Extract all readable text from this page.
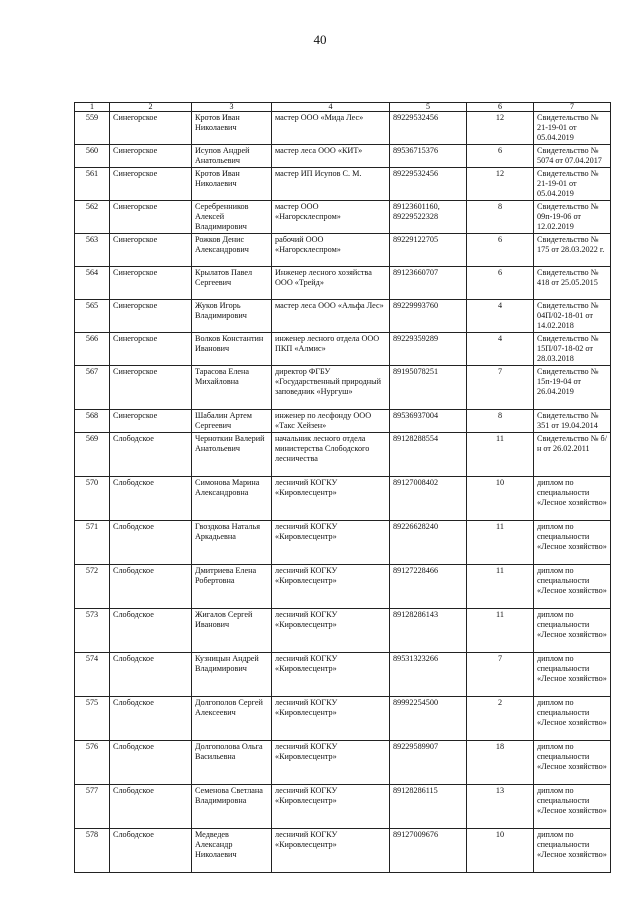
40
1	2	3	4	5	6	7
559	Синегорское	Кротов Иван Николаевич	мастер ООО «Мида Лес»	89229532456	12	Свидетельство № 21-19-01 от 05.04.2019
560	Синегорское	Исупов Андрей Анатольевич	мастер леса ООО «КИТ»	89536715376	6	Свидетельство № 5074 от 07.04.2017
561	Синегорское	Кротов Иван Николаевич	мастер ИП Исупов С. М.	89229532456	12	Свидетельство № 21-19-01 от 05.04.2019
562	Синегорское	Серебренников Алексей Владимирович	мастер ООО «Нагорсклеспром»	89123601160, 89229522328	8	Свидетельство № 09п-19-06 от 12.02.2019
563	Синегорское	Рожков Денис Александрович	рабочий ООО «Нагорсклеспром»	89229122705	6	Свидетельство № 175 от 28.03.2022 г.
564	Синегорское	Крылатов Павел Сергеевич	Инженер лесного хозяйства ООО «Трейд»	89123660707	6	Свидетельство № 418 от 25.05.2015
565	Синегорское	Жуков Игорь Владимирович	мастер леса ООО «Альфа Лес»	89229993760	4	Свидетельство № 04П/02-18-01 от 14.02.2018
566	Синегорское	Волков Константин Иванович	инженер лесного отдела ООО ПКП «Алмис»	89229359289	4	Свидетельство № 15П/07-18-02 от 28.03.2018
567	Синегорское	Тарасова Елена Михайловна	директор ФГБУ «Государственный природный заповедник «Нургуш»	89195078251	7	Свидетельство № 15п-19-04 от 26.04.2019
568	Синегорское	Шабалин Артем Сергеевич	инженер по лесфонду ООО «Такс Хейзен»	89536937004	8	Свидетельство № 351 от 19.04.2014
569	Слободское	Черноткин Валерий Анатольевич	начальник лесного отдела министерства Слободского лесничества	89128288554	11	Свидетельство № б/н от 26.02.2011
570	Слободское	Симонова Марина Александровна	лесничий КОГКУ «Кировлесцентр»	89127008402	10	диплом по специальности «Лесное хозяйство»
571	Слободское	Гвоздкова Наталья Аркадьевна	лесничий КОГКУ «Кировлесцентр»	89226628240	11	диплом по специальности «Лесное хозяйство»
572	Слободское	Дмитриева Елена Робертовна	лесничий КОГКУ «Кировлесцентр»	89127228466	11	диплом по специальности «Лесное хозяйство»
573	Слободское	Жигалов Сергей Иванович	лесничий КОГКУ «Кировлесцентр»	89128286143	11	диплом по специальности «Лесное хозяйство»
574	Слободское	Кузницын Андрей Владимирович	лесничий КОГКУ «Кировлесцентр»	89531323266	7	диплом по специальности «Лесное хозяйство»
575	Слободское	Долгополов Сергей Алексеевич	лесничий КОГКУ «Кировлесцентр»	89992254500	2	диплом по специальности «Лесное хозяйство»
576	Слободское	Долгополова Ольга Васильевна	лесничий КОГКУ «Кировлесцентр»	89229589907	18	диплом по специальности «Лесное хозяйство»
577	Слободское	Семенова Светлана Владимировна	лесничий КОГКУ «Кировлесцентр»	89128286115	13	диплом по специальности «Лесное хозяйство»
578	Слободское	Медведев Александр Николаевич	лесничий КОГКУ «Кировлесцентр»	89127009676	10	диплом по специальности «Лесное хозяйство»
